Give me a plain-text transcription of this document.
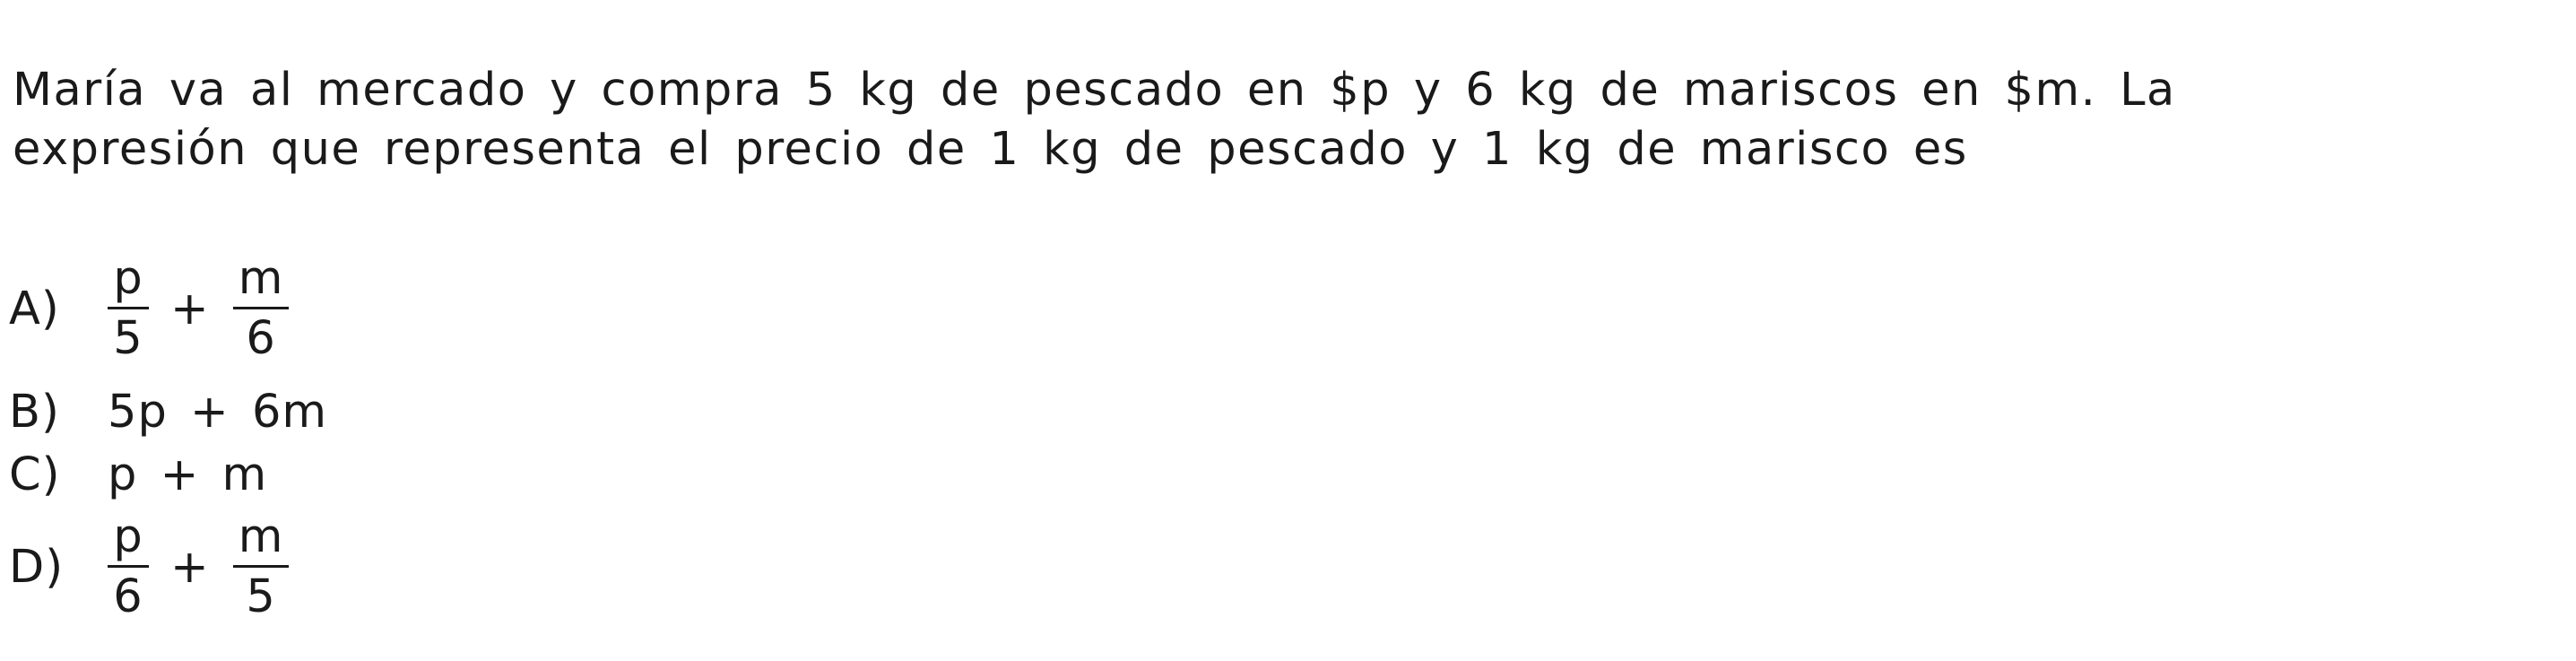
María va al mercado y compra 5 kg de pescado en $p y 6 kg de mariscos en $m. La

expresión que representa el precio de 1 kg de pescado y 1 kg de marisco es

A)	$\frac{p}{5} + \frac{m}{6}$
B)	5p + 6m
C)	p + m
$D) \frac{p}{6} + \frac{m}{5}$
